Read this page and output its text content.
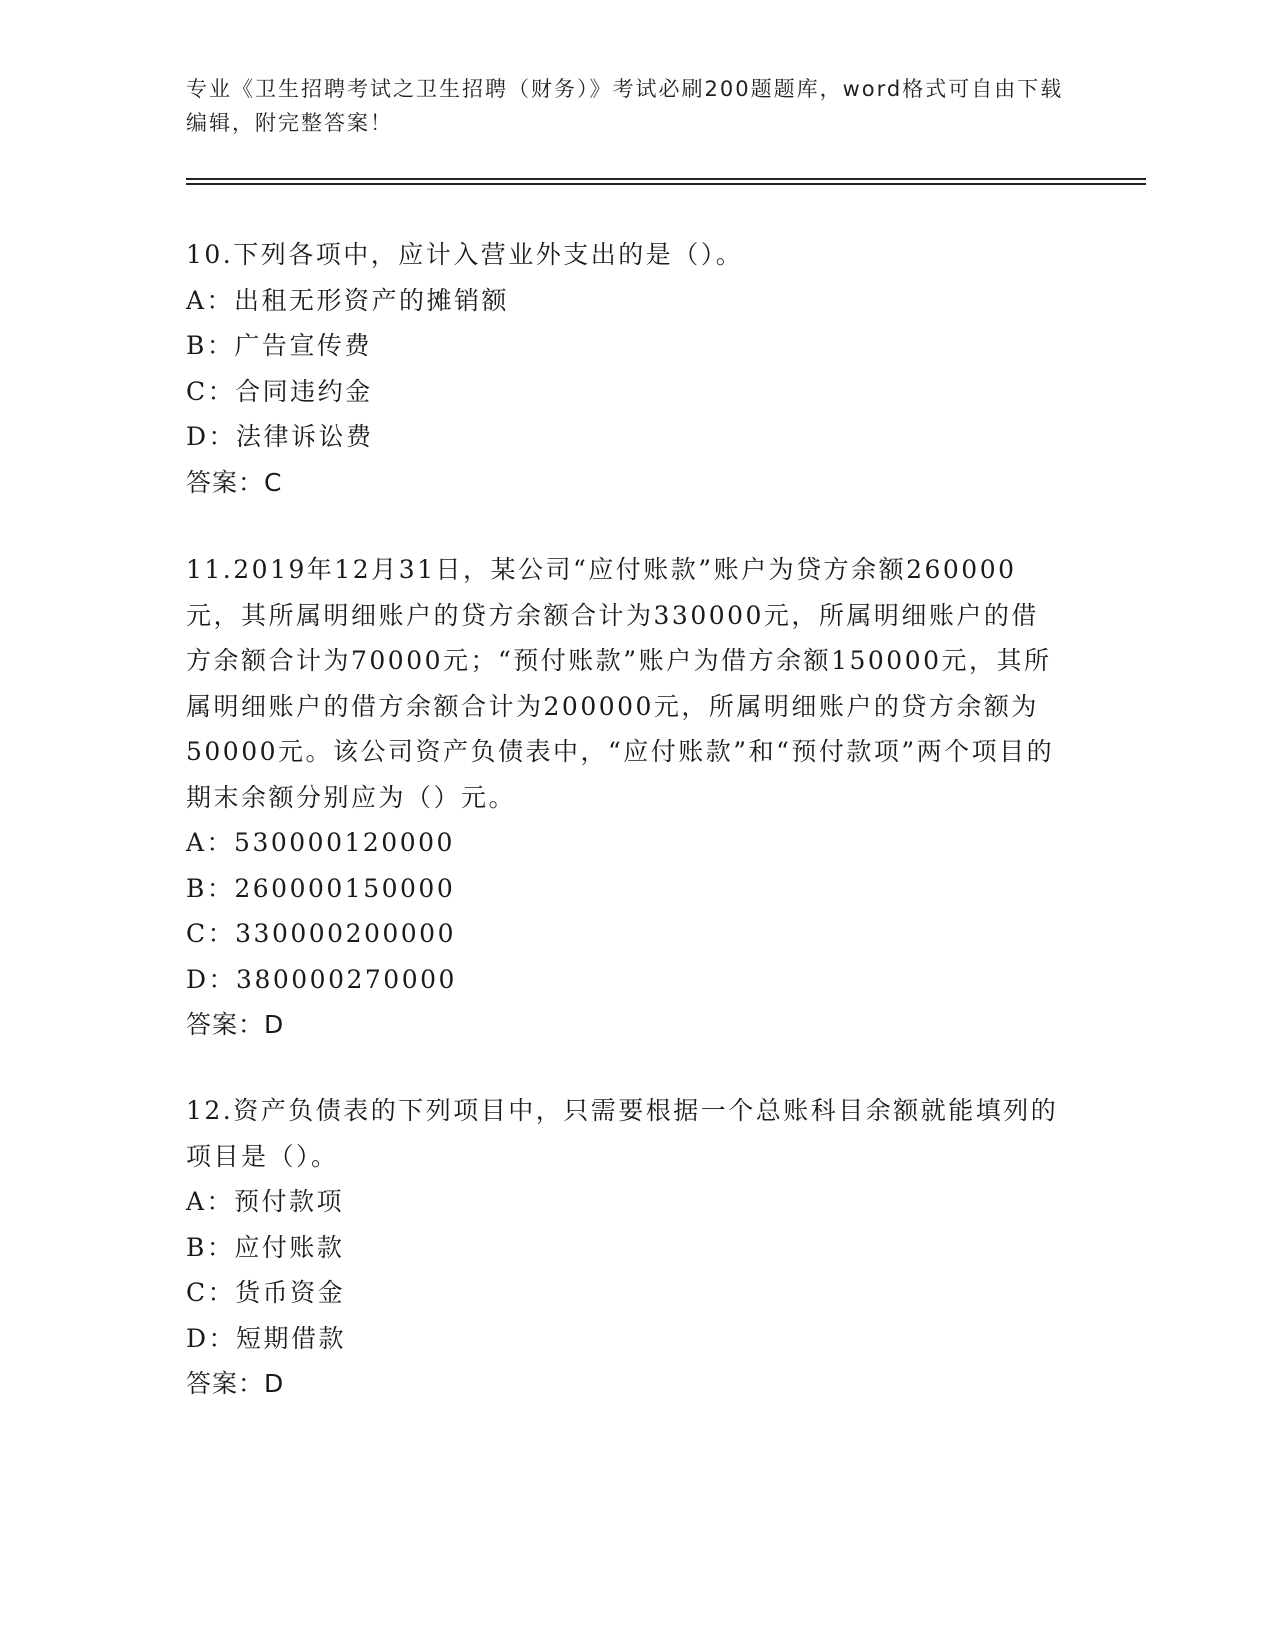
专业《卫生招聘考试之卫生招聘（财务）》考试必刷200题题库，word格式可自由下载编辑，附完整答案！

10.下列各项中，应计入营业外支出的是（）。

A：出租无形资产的摊销额

B：广告宣传费

C：合同违约金

D：法律诉讼费

答案：C

11.2019年12月31日，某公司“应付账款”账户为贷方余额260000元，其所属明细账户的贷方余额合计为330000元，所属明细账户的借方余额合计为70000元；“预付账款”账户为借方余额150000元，其所属明细账户的借方余额合计为200000元，所属明细账户的贷方余额为50000元。该公司资产负债表中，“应付账款”和“预付款项”两个项目的期末余额分别应为（）元。

A：530000120000

B：260000150000

C：330000200000

D：380000270000

答案：D

12.资产负债表的下列项目中，只需要根据一个总账科目余额就能填列的项目是（）。

A：预付款项

B：应付账款

C：货币资金

D：短期借款

答案：D
